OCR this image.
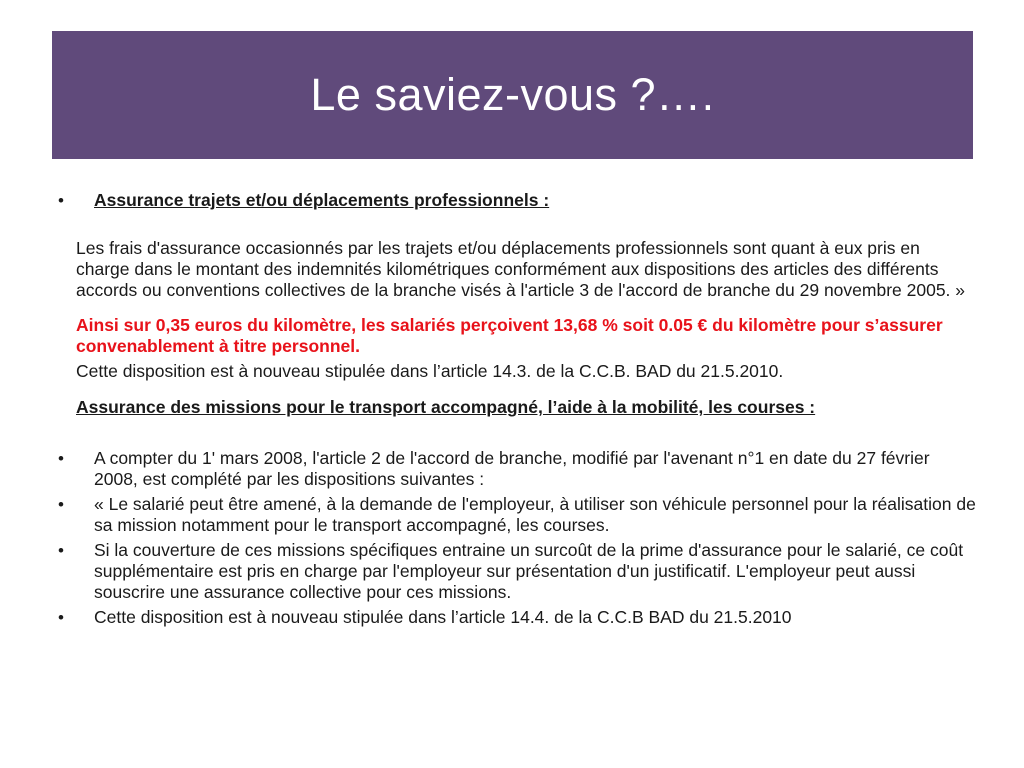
Le saviez-vous ?….
•	Assurance trajets et/ou déplacements professionnels :
Les frais d'assurance occasionnés par les trajets et/ou déplacements professionnels sont quant à eux pris en charge dans le montant des indemnités kilométriques conformément aux dispositions des articles des différents accords ou conventions collectives de la branche visés à l'article 3 de l'accord de branche du 29 novembre 2005. »
Ainsi sur 0,35 euros du kilomètre, les salariés perçoivent 13,68 % soit 0.05 € du kilomètre pour s’assurer convenablement à titre personnel.
Cette disposition est à nouveau stipulée dans l’article 14.3. de la C.C.B. BAD du 21.5.2010.
Assurance des missions pour le transport accompagné, l’aide à la mobilité, les courses :
•	A compter du 1' mars 2008, l'article 2 de l'accord de branche, modifié par l'avenant n°1 en date du 27 février 2008, est complété par les dispositions suivantes :
•	« Le salarié peut être amené, à la demande de l'employeur, à utiliser son véhicule personnel pour la réalisation de sa mission notamment pour le transport accompagné, les courses.
•	Si la couverture de ces missions spécifiques entraine un surcoût de la prime d'assurance pour le salarié, ce coût supplémentaire est pris en charge par l'employeur sur présentation d'un justificatif. L'employeur peut aussi souscrire une assurance collective pour ces missions.
•	Cette disposition est à nouveau stipulée dans l’article 14.4. de la C.C.B BAD du 21.5.2010
